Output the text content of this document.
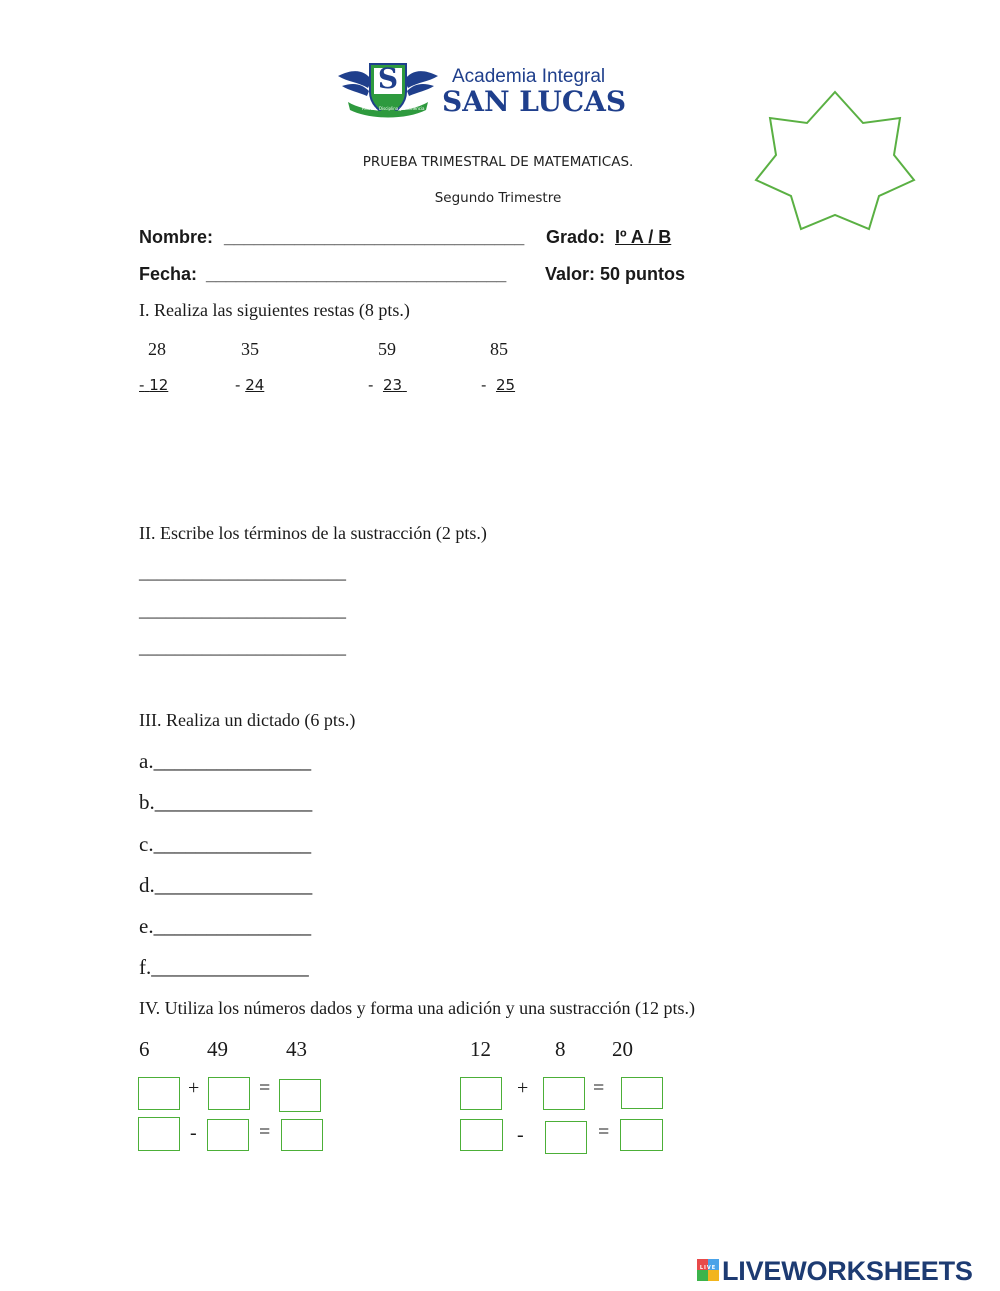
S
Paideia, Disciplina y Excelencia
Academia Integral
SAN LUCAS
PRUEBA TRIMESTRAL DE MATEMATICAS.
Segundo Trimestre
Nombre: ______________________________ Grado: Iº A / B
Fecha: ______________________________ Valor: 50 puntos
I. Realiza las siguientes restas (8 pts.)
28	35	59	85
- 12	- 24	- 23	- 25
II. Escribe los términos de la sustracción (2 pts.)
_______________________
_______________________
_______________________
III. Realiza un dictado (6 pts.)
a._______________
b._______________
c._______________
d._______________
e._______________
f._______________
IV. Utiliza los números dados y forma una adición y una sustracción (12 pts.)
6	49	43	12	8 20
+	=
-	=
+	=
-	=
LIVE LIVEWORKSHEETS
